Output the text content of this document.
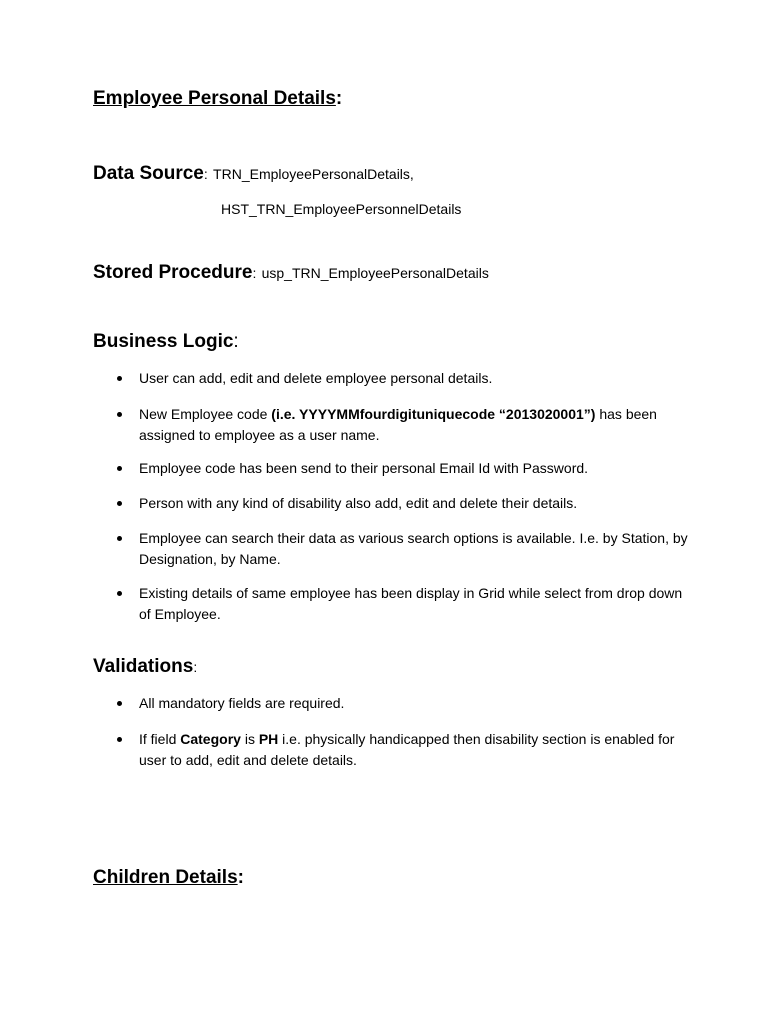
Employee Personal Details:
Data Source: TRN_EmployeePersonalDetails,
HST_TRN_EmployeePersonnelDetails
Stored Procedure: usp_TRN_EmployeePersonalDetails
Business Logic:
User can add, edit and delete employee personal details.
New Employee code (i.e. YYYYMMfourdigituniquecode “2013020001”) has been assigned to employee as a user name.
Employee code has been send to their personal Email Id with Password.
Person with any kind of disability also add, edit and delete their details.
Employee can search their data as various search options is available. I.e. by Station, by Designation, by Name.
Existing details of same employee has been display in Grid while select from drop down of Employee.
Validations:
All mandatory fields are required.
If field Category is PH i.e. physically handicapped then disability section is enabled for user to add, edit and delete details.
Children Details:
